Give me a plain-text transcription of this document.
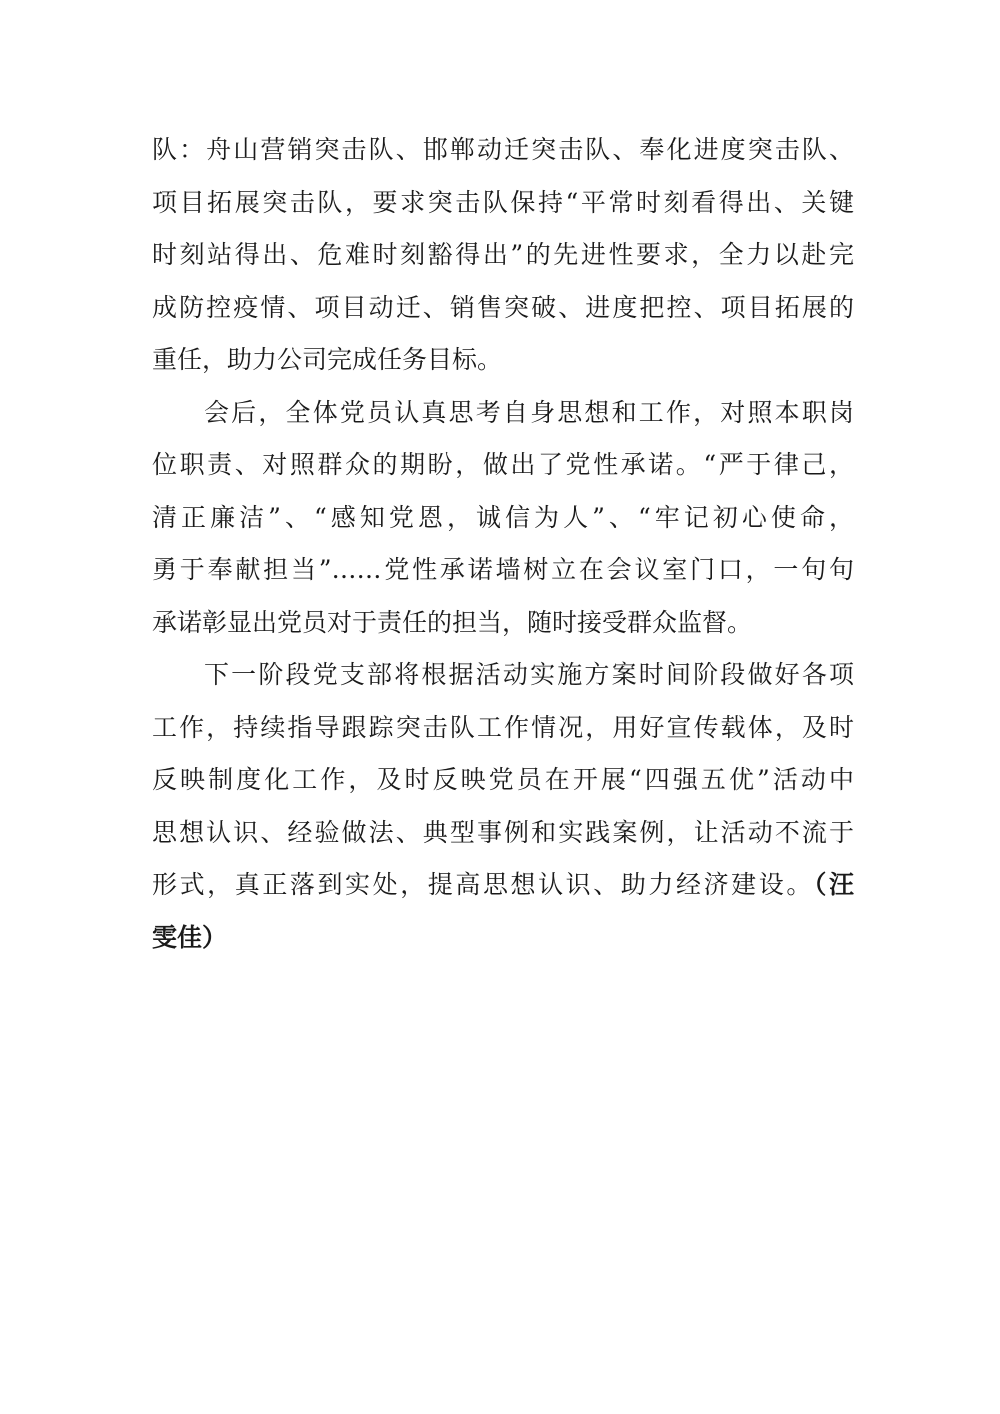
队：舟山营销突击队、邯郸动迁突击队、奉化进度突击队、
项目拓展突击队，要求突击队保持“平常时刻看得出、关键
时刻站得出、危难时刻豁得出”的先进性要求，全力以赴完
成防控疫情、项目动迁、销售突破、进度把控、项目拓展的
重任，助力公司完成任务目标。
会后，全体党员认真思考自身思想和工作，对照本职岗
位职责、对照群众的期盼，做出了党性承诺。“严于律己，
清正廉洁”、“感知党恩，诚信为人”、“牢记初心使命，
勇于奉献担当”……党性承诺墙树立在会议室门口，一句句
承诺彰显出党员对于责任的担当，随时接受群众监督。
下一阶段党支部将根据活动实施方案时间阶段做好各项
工作，持续指导跟踪突击队工作情况，用好宣传载体，及时
反映制度化工作，及时反映党员在开展“四强五优”活动中
思想认识、经验做法、典型事例和实践案例，让活动不流于
形式，真正落到实处，提高思想认识、助力经济建设。（汪
雯佳）
